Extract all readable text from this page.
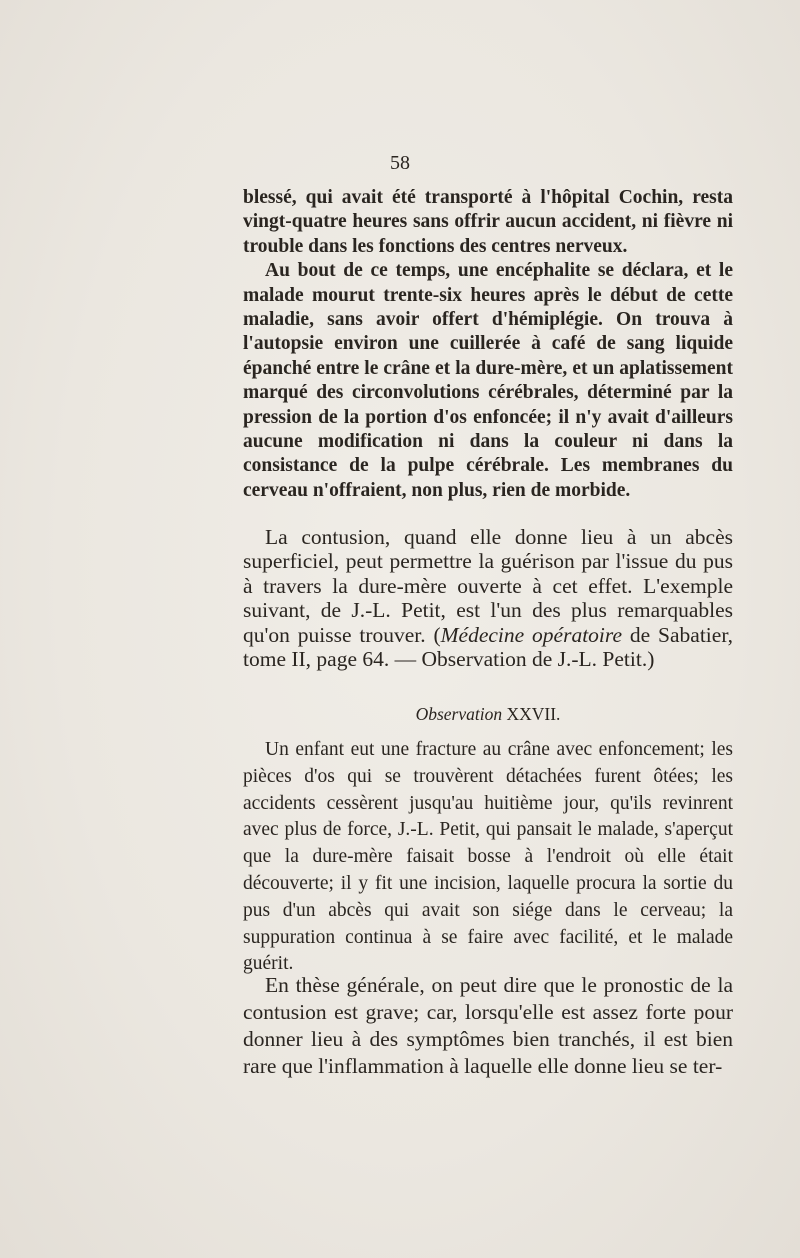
58

blessé, qui avait été transporté à l'hôpital Cochin, resta vingt-quatre heures sans offrir aucun accident, ni fièvre ni trouble dans les fonctions des centres nerveux.

Au bout de ce temps, une encéphalite se déclara, et le malade mourut trente-six heures après le début de cette maladie, sans avoir offert d'hémiplégie. On trouva à l'autopsie environ une cuillerée à café de sang liquide épanché entre le crâne et la dure-mère, et un aplatissement marqué des circonvolutions cérébrales, déterminé par la pression de la portion d'os enfoncée; il n'y avait d'ailleurs aucune modification ni dans la couleur ni dans la consistance de la pulpe cérébrale. Les membranes du cerveau n'offraient, non plus, rien de morbide.

La contusion, quand elle donne lieu à un abcès superficiel, peut permettre la guérison par l'issue du pus à travers la dure-mère ouverte à cet effet. L'exemple suivant, de J.-L. Petit, est l'un des plus remarquables qu'on puisse trouver. (Médecine opératoire de Sabatier, tome II, page 64. — Observation de J.-L. Petit.)

Observation XXVII.

Un enfant eut une fracture au crâne avec enfoncement; les pièces d'os qui se trouvèrent détachées furent ôtées; les accidents cessèrent jusqu'au huitième jour, qu'ils revinrent avec plus de force, J.-L. Petit, qui pansait le malade, s'aperçut que la dure-mère faisait bosse à l'endroit où elle était découverte; il y fit une incision, laquelle procura la sortie du pus d'un abcès qui avait son siége dans le cerveau; la suppuration continua à se faire avec facilité, et le malade guérit.

En thèse générale, on peut dire que le pronostic de la contusion est grave; car, lorsqu'elle est assez forte pour donner lieu à des symptômes bien tranchés, il est bien rare que l'inflammation à laquelle elle donne lieu se ter-
